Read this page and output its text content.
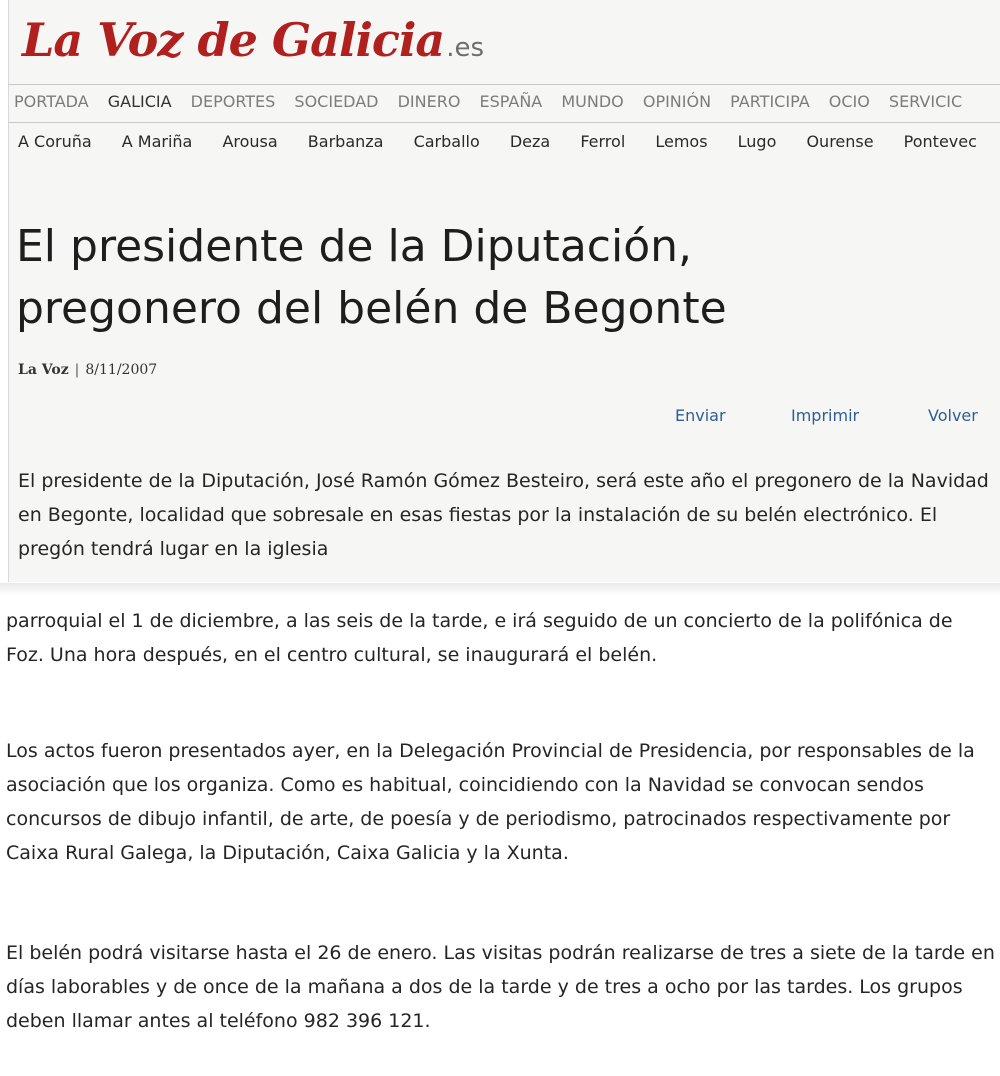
La Voz de Galicia.es
PORTADA GALICIA DEPORTES SOCIEDAD DINERO ESPAÑA MUNDO OPINIÓN PARTICIPA OCIO SERVICIC
A Coruña A Mariña Arousa Barbanza Carballo Deza Ferrol Lemos Lugo Ourense Pontevec
El presidente de la Diputación,
pregonero del belén de Begonte
La Voz | 8/11/2007
Enviar	Imprimir	Volver

El presidente de la Diputación, José Ramón Gómez Besteiro, será este año el pregonero de la Navidad en Begonte, localidad que sobresale en esas fiestas por la instalación de su belén electrónico. El pregón tendrá lugar en la iglesia

parroquial el 1 de diciembre, a las seis de la tarde, e irá seguido de un concierto de la polifónica de Foz. Una hora después, en el centro cultural, se inaugurará el belén.

Los actos fueron presentados ayer, en la Delegación Provincial de Presidencia, por responsables de la asociación que los organiza. Como es habitual, coincidiendo con la Navidad se convocan sendos concursos de dibujo infantil, de arte, de poesía y de periodismo, patrocinados respectivamente por Caixa Rural Galega, la Diputación, Caixa Galicia y la Xunta.

El belén podrá visitarse hasta el 26 de enero. Las visitas podrán realizarse de tres a siete de la tarde en días laborables y de once de la mañana a dos de la tarde y de tres a ocho por las tardes. Los grupos deben llamar antes al teléfono 982 396 121.
